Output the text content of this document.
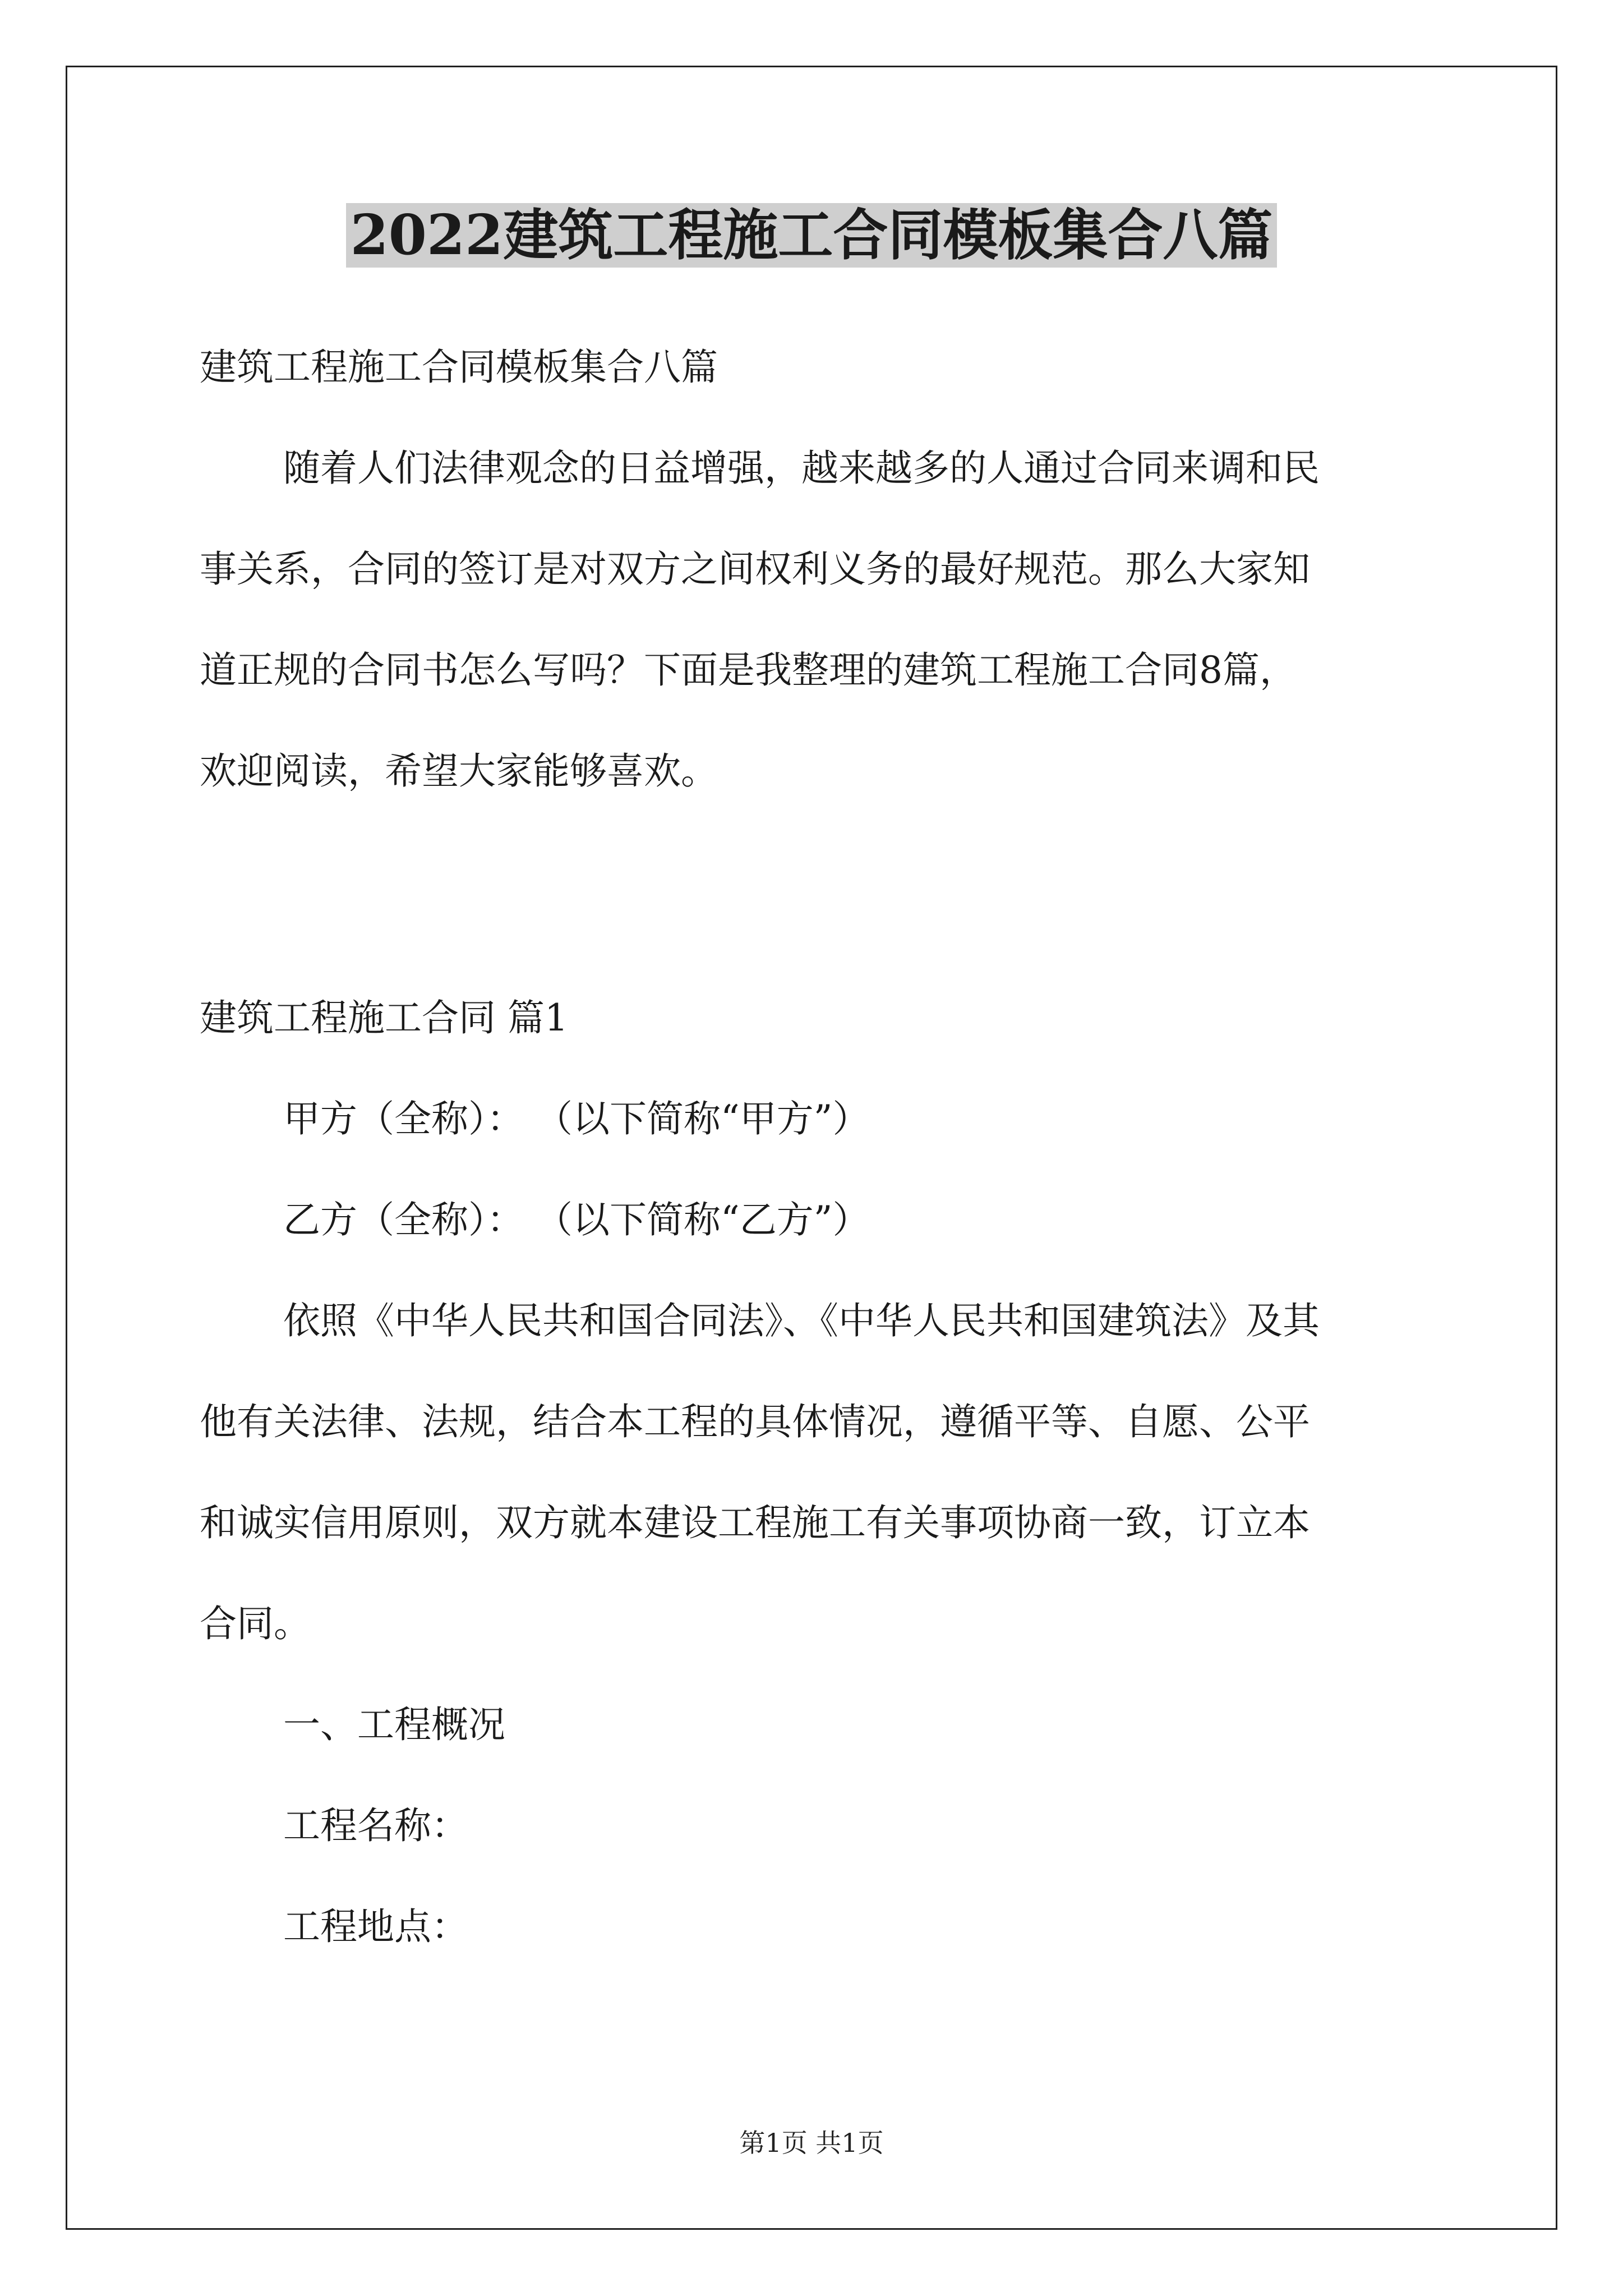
2022建筑工程施工合同模板集合八篇

建筑工程施工合同模板集合八篇

随着人们法律观念的日益增强，越来越多的人通过合同来调和民
事关系，合同的签订是对双方之间权利义务的最好规范。那么大家知
道正规的合同书怎么写吗？下面是我整理的建筑工程施工合同8篇，
欢迎阅读，希望大家能够喜欢。

建筑工程施工合同 篇1

甲方（全称）： （以下简称“甲方”）

乙方（全称）： （以下简称“乙方”）

依照《中华人民共和国合同法》、《中华人民共和国建筑法》及其
他有关法律、法规，结合本工程的具体情况，遵循平等、自愿、公平
和诚实信用原则，双方就本建设工程施工有关事项协商一致，订立本
合同。

一、工程概况

工程名称：

工程地点：

第1页 共1页
